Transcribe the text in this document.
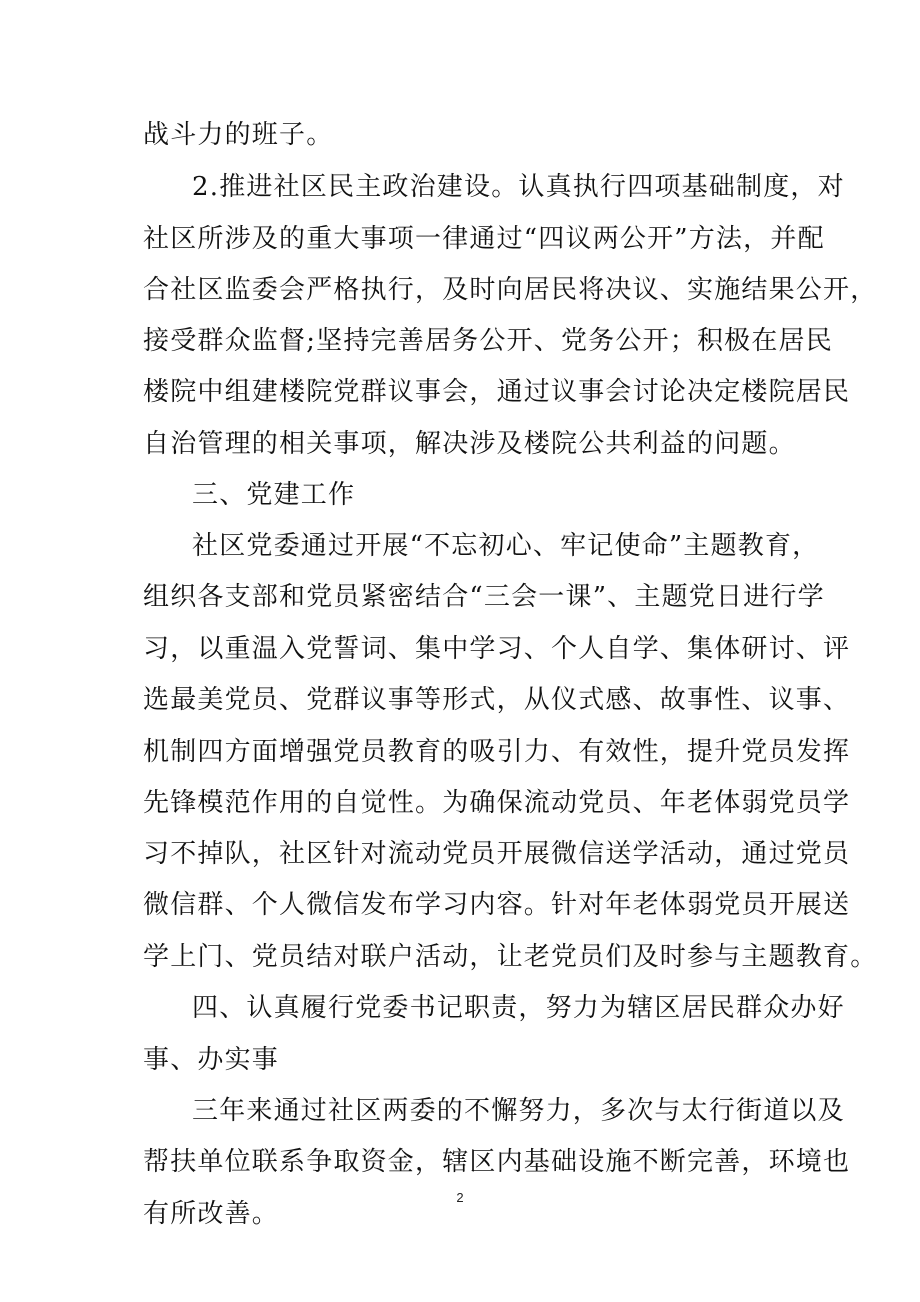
战斗力的班子。
2.推进社区民主政治建设。认真执行四项基础制度，对
社区所涉及的重大事项一律通过“四议两公开”方法，并配
合社区监委会严格执行，及时向居民将决议、实施结果公开，
接受群众监督;坚持完善居务公开、党务公开；积极在居民
楼院中组建楼院党群议事会，通过议事会讨论决定楼院居民
自治管理的相关事项，解决涉及楼院公共利益的问题。
三、党建工作
社区党委通过开展“不忘初心、牢记使命”主题教育，
组织各支部和党员紧密结合“三会一课”、主题党日进行学
习，以重温入党誓词、集中学习、个人自学、集体研讨、评
选最美党员、党群议事等形式，从仪式感、故事性、议事、
机制四方面增强党员教育的吸引力、有效性，提升党员发挥
先锋模范作用的自觉性。为确保流动党员、年老体弱党员学
习不掉队，社区针对流动党员开展微信送学活动，通过党员
微信群、个人微信发布学习内容。针对年老体弱党员开展送
学上门、党员结对联户活动，让老党员们及时参与主题教育。
四、认真履行党委书记职责，努力为辖区居民群众办好
事、办实事
三年来通过社区两委的不懈努力，多次与太行街道以及
帮扶单位联系争取资金，辖区内基础设施不断完善，环境也
有所改善。
2
